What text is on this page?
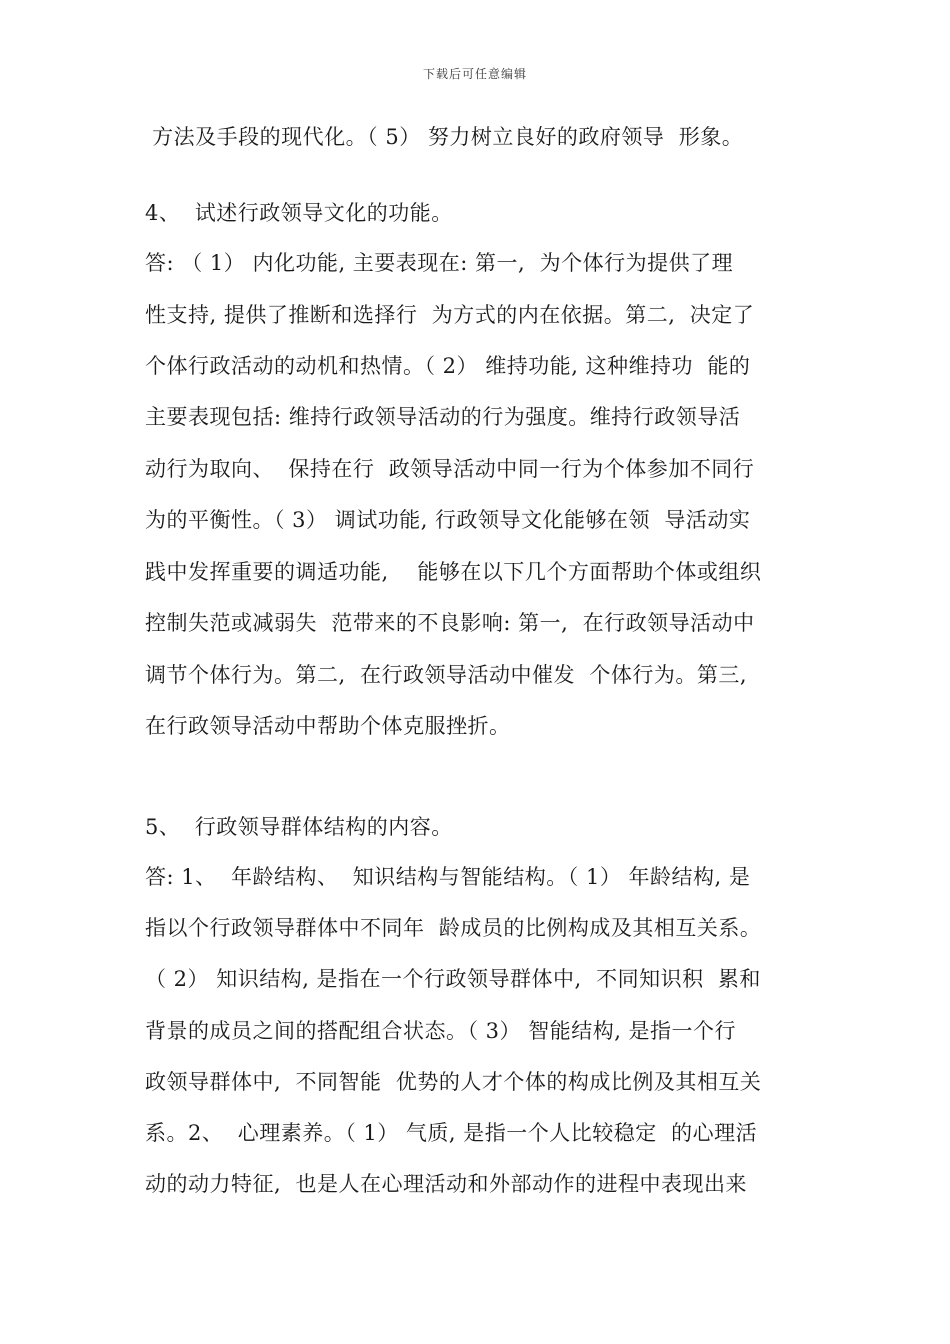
下载后可任意编辑
方法及手段的现代化。（ 5） 努力树立良好的政府领导  形象。
4、  试述行政领导文化的功能。
答: （ 1） 内化功能, 主要表现在: 第一,  为个体行为提供了理
性支持, 提供了推断和选择行  为方式的内在依据。第二,  决定了
个体行政活动的动机和热情。（ 2） 维持功能, 这种维持功  能的
主要表现包括: 维持行政领导活动的行为强度。维持行政领导活
动行为取向、  保持在行  政领导活动中同一行为个体参加不同行
为的平衡性。（ 3） 调试功能, 行政领导文化能够在领  导活动实
践中发挥重要的调适功能,    能够在以下几个方面帮助个体或组织
控制失范或减弱失  范带来的不良影响: 第一,  在行政领导活动中
调节个体行为。第二,  在行政领导活动中催发  个体行为。第三,
在行政领导活动中帮助个体克服挫折。
5、  行政领导群体结构的内容。
答: 1、  年龄结构、  知识结构与智能结构。（ 1） 年龄结构, 是
指以个行政领导群体中不同年  龄成员的比例构成及其相互关系。
（ 2） 知识结构, 是指在一个行政领导群体中,  不同知识积  累和
背景的成员之间的搭配组合状态。（ 3） 智能结构, 是指一个行
政领导群体中,  不同智能  优势的人才个体的构成比例及其相互关
系。2、  心理素养。（ 1） 气质, 是指一个人比较稳定  的心理活
动的动力特征,  也是人在心理活动和外部动作的进程中表现出来
